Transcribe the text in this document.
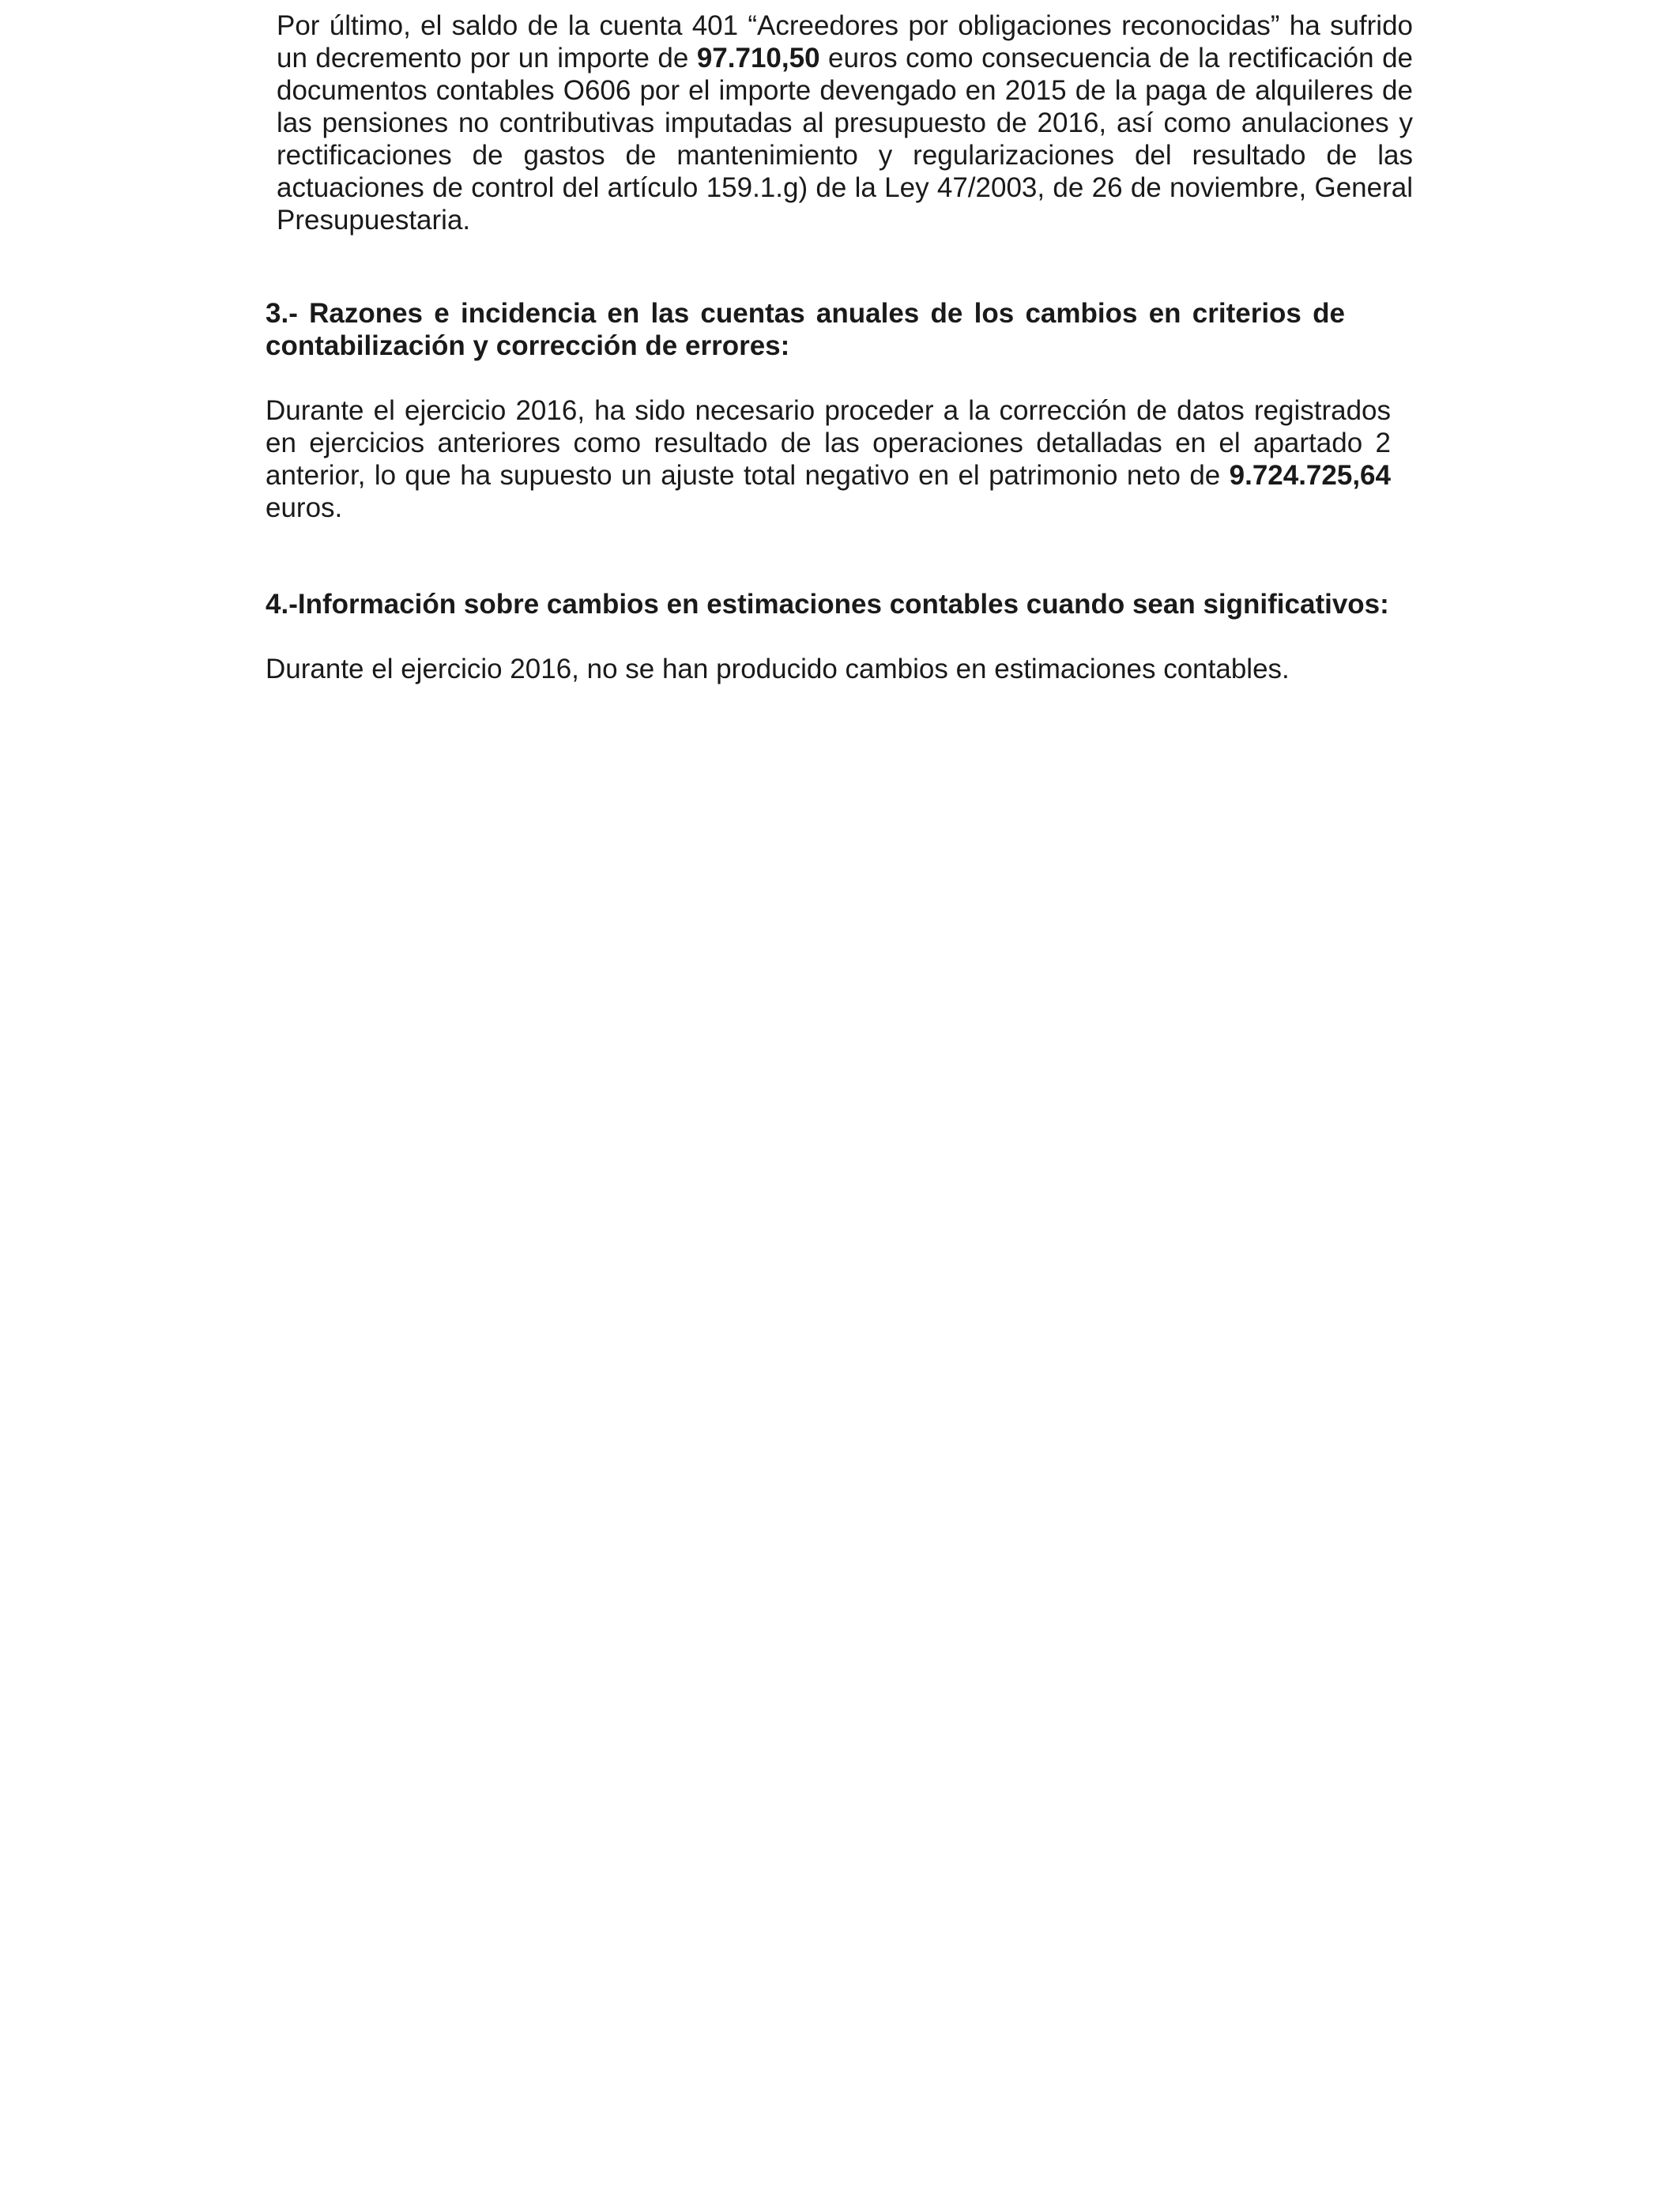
Por último, el saldo de la cuenta 401 “Acreedores por obligaciones reconocidas” ha sufrido un decremento por un importe de 97.710,50 euros como consecuencia de la rectificación de documentos contables O606 por el importe devengado en 2015 de la paga de alquileres de las pensiones no contributivas imputadas al presupuesto de 2016, así como anulaciones y rectificaciones de gastos de mantenimiento y regularizaciones del resultado de las actuaciones de control del artículo 159.1.g) de la Ley 47/2003, de 26 de noviembre, General Presupuestaria.

3.- Razones e incidencia en las cuentas anuales de los cambios en criterios de contabilización y corrección de errores:

Durante el ejercicio 2016, ha sido necesario proceder a la corrección de datos registrados en ejercicios anteriores como resultado de las operaciones detalladas en el apartado 2 anterior, lo que ha supuesto un ajuste total negativo en el patrimonio neto de 9.724.725,64 euros.

4.-Información sobre cambios en estimaciones contables cuando sean significativos:

Durante el ejercicio 2016, no se han producido cambios en estimaciones contables.
